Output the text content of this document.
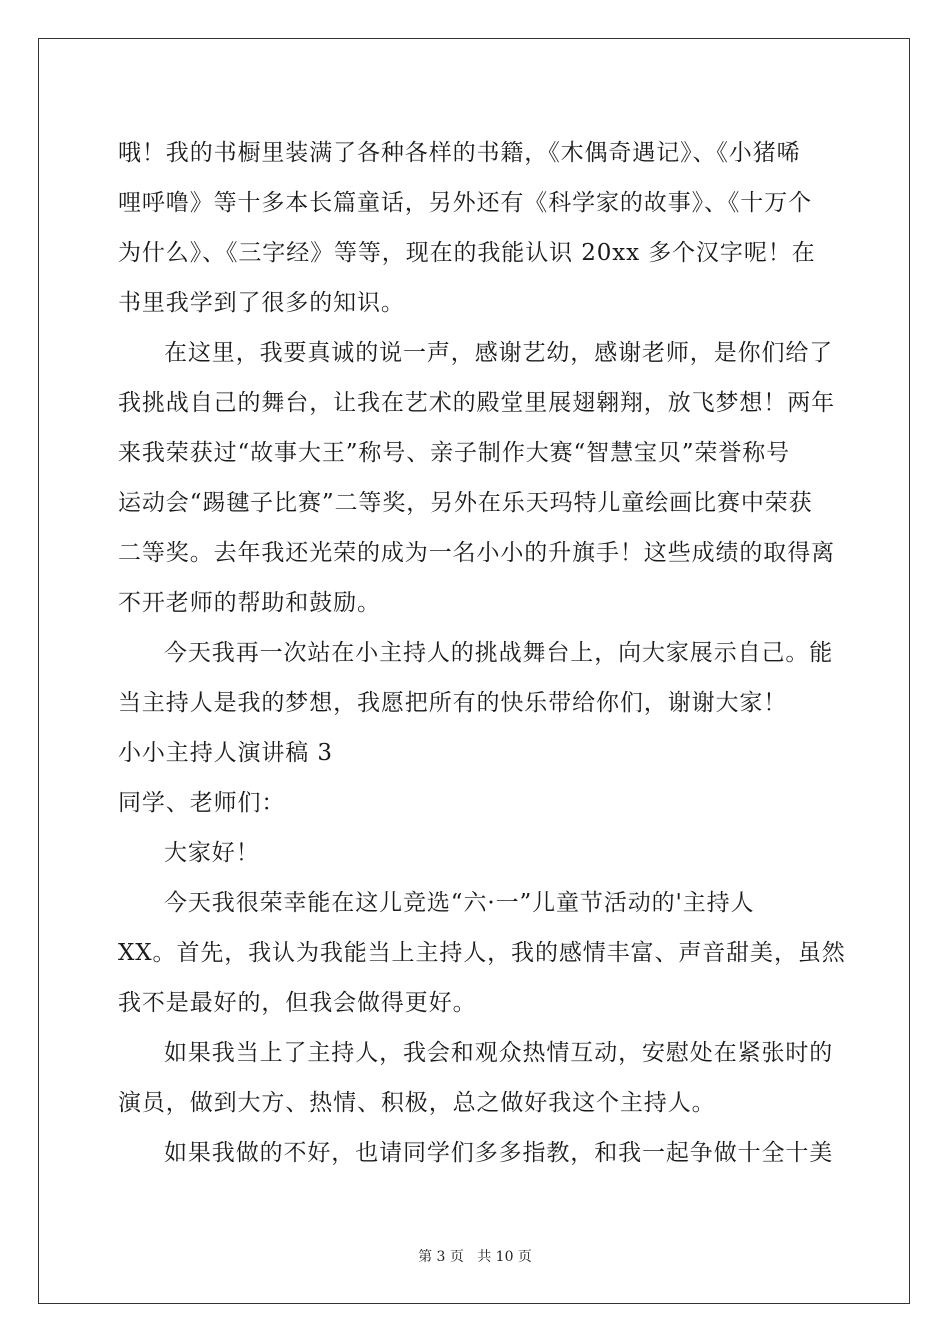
哦！我的书橱里装满了各种各样的书籍，《木偶奇遇记》、《小猪唏
哩呼噜》等十多本长篇童话，另外还有《科学家的故事》、《十万个
为什么》、《三字经》等等，现在的我能认识 20xx 多个汉字呢！在
书里我学到了很多的知识。
在这里，我要真诚的说一声，感谢艺幼，感谢老师，是你们给了
我挑战自己的舞台，让我在艺术的殿堂里展翅翱翔，放飞梦想！两年
来我荣获过“故事大王”称号、亲子制作大赛“智慧宝贝”荣誉称号
运动会“踢毽子比赛”二等奖，另外在乐天玛特儿童绘画比赛中荣获
二等奖。去年我还光荣的成为一名小小的升旗手！这些成绩的取得离
不开老师的帮助和鼓励。
今天我再一次站在小主持人的挑战舞台上，向大家展示自己。能
当主持人是我的梦想，我愿把所有的快乐带给你们，谢谢大家！
小小主持人演讲稿 3
同学、老师们：
大家好！
今天我很荣幸能在这儿竞选“六·一”儿童节活动的'主持人
XX。首先，我认为我能当上主持人，我的感情丰富、声音甜美，虽然
我不是最好的，但我会做得更好。
如果我当上了主持人，我会和观众热情互动，安慰处在紧张时的
演员，做到大方、热情、积极，总之做好我这个主持人。
如果我做的不好，也请同学们多多指教，和我一起争做十全十美
第 3 页   共 10 页
